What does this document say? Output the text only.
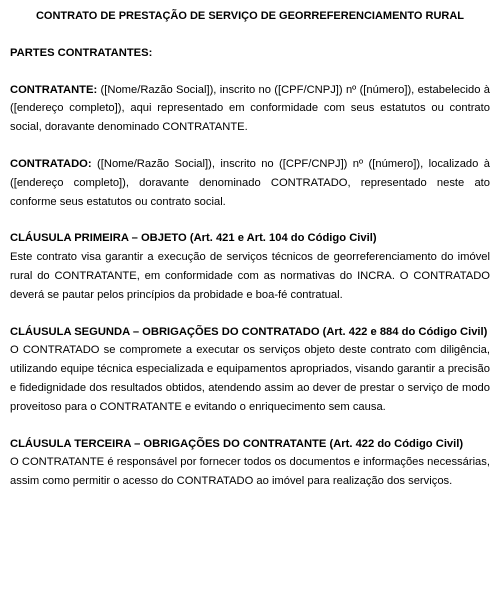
CONTRATO DE PRESTAÇÃO DE SERVIÇO DE GEORREFERENCIAMENTO RURAL
PARTES CONTRATANTES:
CONTRATANTE: ([Nome/Razão Social]), inscrito no ([CPF/CNPJ]) nº ([número]), estabelecido à ([endereço completo]), aqui representado em conformidade com seus estatutos ou contrato social, doravante denominado CONTRATANTE.
CONTRATADO: ([Nome/Razão Social]), inscrito no ([CPF/CNPJ]) nº ([número]), localizado à ([endereço completo]), doravante denominado CONTRATADO, representado neste ato conforme seus estatutos ou contrato social.
CLÁUSULA PRIMEIRA – OBJETO (Art. 421 e Art. 104 do Código Civil)
Este contrato visa garantir a execução de serviços técnicos de georreferenciamento do imóvel rural do CONTRATANTE, em conformidade com as normativas do INCRA. O CONTRATADO deverá se pautar pelos princípios da probidade e boa-fé contratual.
CLÁUSULA SEGUNDA – OBRIGAÇÕES DO CONTRATADO (Art. 422 e 884 do Código Civil)
O CONTRATADO se compromete a executar os serviços objeto deste contrato com diligência, utilizando equipe técnica especializada e equipamentos apropriados, visando garantir a precisão e fidedignidade dos resultados obtidos, atendendo assim ao dever de prestar o serviço de modo proveitoso para o CONTRATANTE e evitando o enriquecimento sem causa.
CLÁUSULA TERCEIRA – OBRIGAÇÕES DO CONTRATANTE (Art. 422 do Código Civil)
O CONTRATANTE é responsável por fornecer todos os documentos e informações necessárias, assim como permitir o acesso do CONTRATADO ao imóvel para realização dos serviços.
